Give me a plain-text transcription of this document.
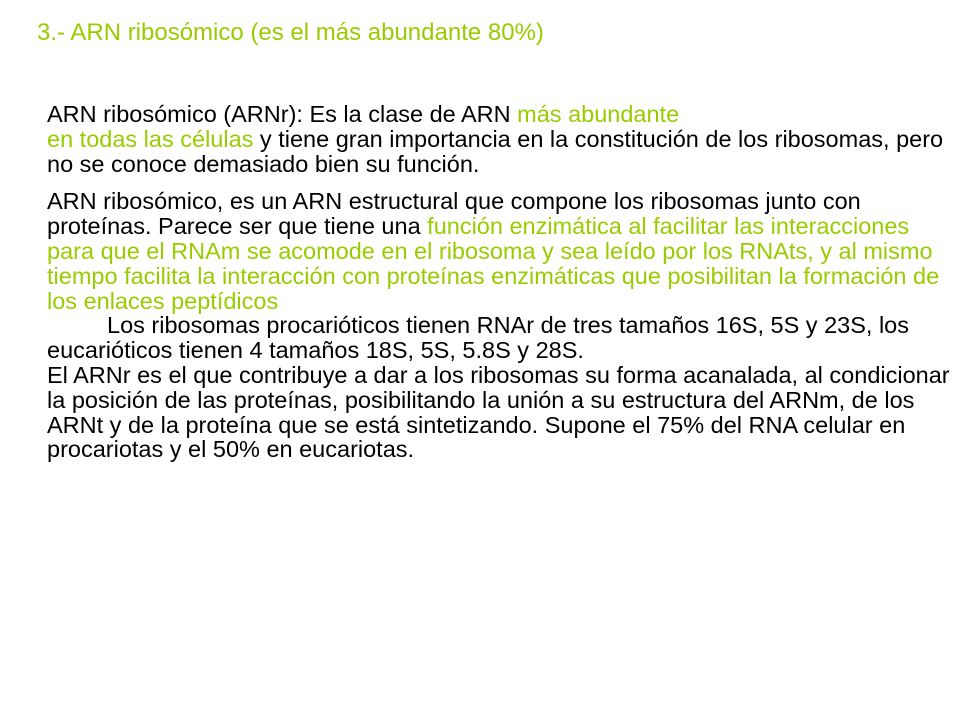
3.- ARN ribosómico (es el más abundante 80%)

ARN ribosómico (ARNr): Es la clase de ARN más abundante
en todas las células y tiene gran importancia en la constitución de los ribosomas, pero no se conoce demasiado bien su función.

ARN ribosómico, es un ARN estructural que compone los ribosomas junto con proteínas. Parece ser que tiene una función enzimática al facilitar las interacciones para que el RNAm se acomode en el ribosoma y sea leído por los RNAts, y al mismo tiempo facilita la interacción con proteínas enzimáticas que posibilitan la formación de los enlaces peptídicos
Los ribosomas procarióticos tienen RNAr de tres tamaños 16S, 5S y 23S, los eucarióticos tienen 4 tamaños 18S, 5S, 5.8S y 28S.
El ARNr es el que contribuye a dar a los ribosomas su forma acanalada, al condicionar la posición de las proteínas, posibilitando la unión a su estructura del ARNm, de los ARNt y de la proteína que se está sintetizando. Supone el 75% del RNA celular en procariotas y el 50% en eucariotas.
